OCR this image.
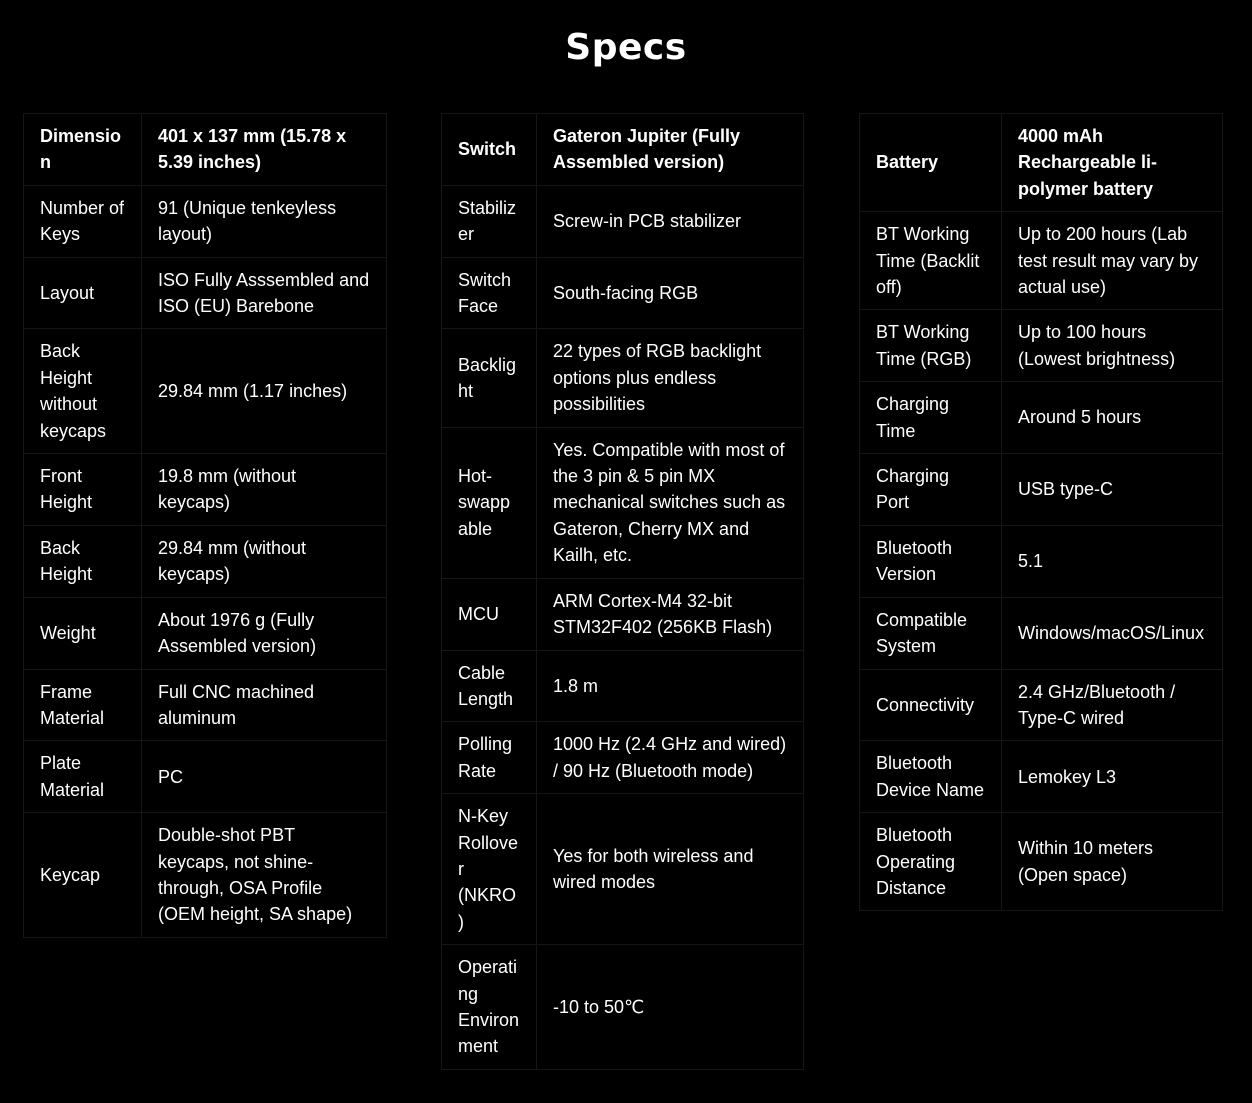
Specs
Dimension	401 x 137 mm (15.78 x 5.39 inches)
Number of Keys	91 (Unique tenkeyless layout)
Layout	ISO Fully Asssembled and ISO (EU) Barebone
Back Height without keycaps	29.84 mm (1.17 inches)
Front Height	19.8 mm (without keycaps)
Back Height	29.84 mm (without keycaps)
Weight	About 1976 g (Fully Assembled version)
Frame Material	Full CNC machined aluminum
Plate Material	PC
Keycap	Double-shot PBT keycaps, not shine-through, OSA Profile (OEM height, SA shape)
Switch	Gateron Jupiter (Fully Assembled version)
Stabilizer	Screw-in PCB stabilizer
Switch Face	South-facing RGB
Backlight	22 types of RGB backlight options plus endless possibilities
Hot-swappable	Yes. Compatible with most of the 3 pin & 5 pin MX mechanical switches such as Gateron, Cherry MX and Kailh, etc.
MCU	ARM Cortex-M4 32-bit STM32F402 (256KB Flash)
Cable Length	1.8 m
Polling Rate	1000 Hz (2.4 GHz and wired) / 90 Hz (Bluetooth mode)
N-Key Rollover (NKRO)	Yes for both wireless and wired modes
Operating Environment	-10 to 50℃
Battery	4000 mAh Rechargeable li-polymer battery
BT Working Time (Backlit off)	Up to 200 hours (Lab test result may vary by actual use)
BT Working Time (RGB)	Up to 100 hours (Lowest brightness)
Charging Time	Around 5 hours
Charging Port	USB type-C
Bluetooth Version	5.1
Compatible System	Windows/macOS/Linux
Connectivity	2.4 GHz/Bluetooth / Type-C wired
Bluetooth Device Name	Lemokey L3
Bluetooth Operating Distance	Within 10 meters (Open space)
